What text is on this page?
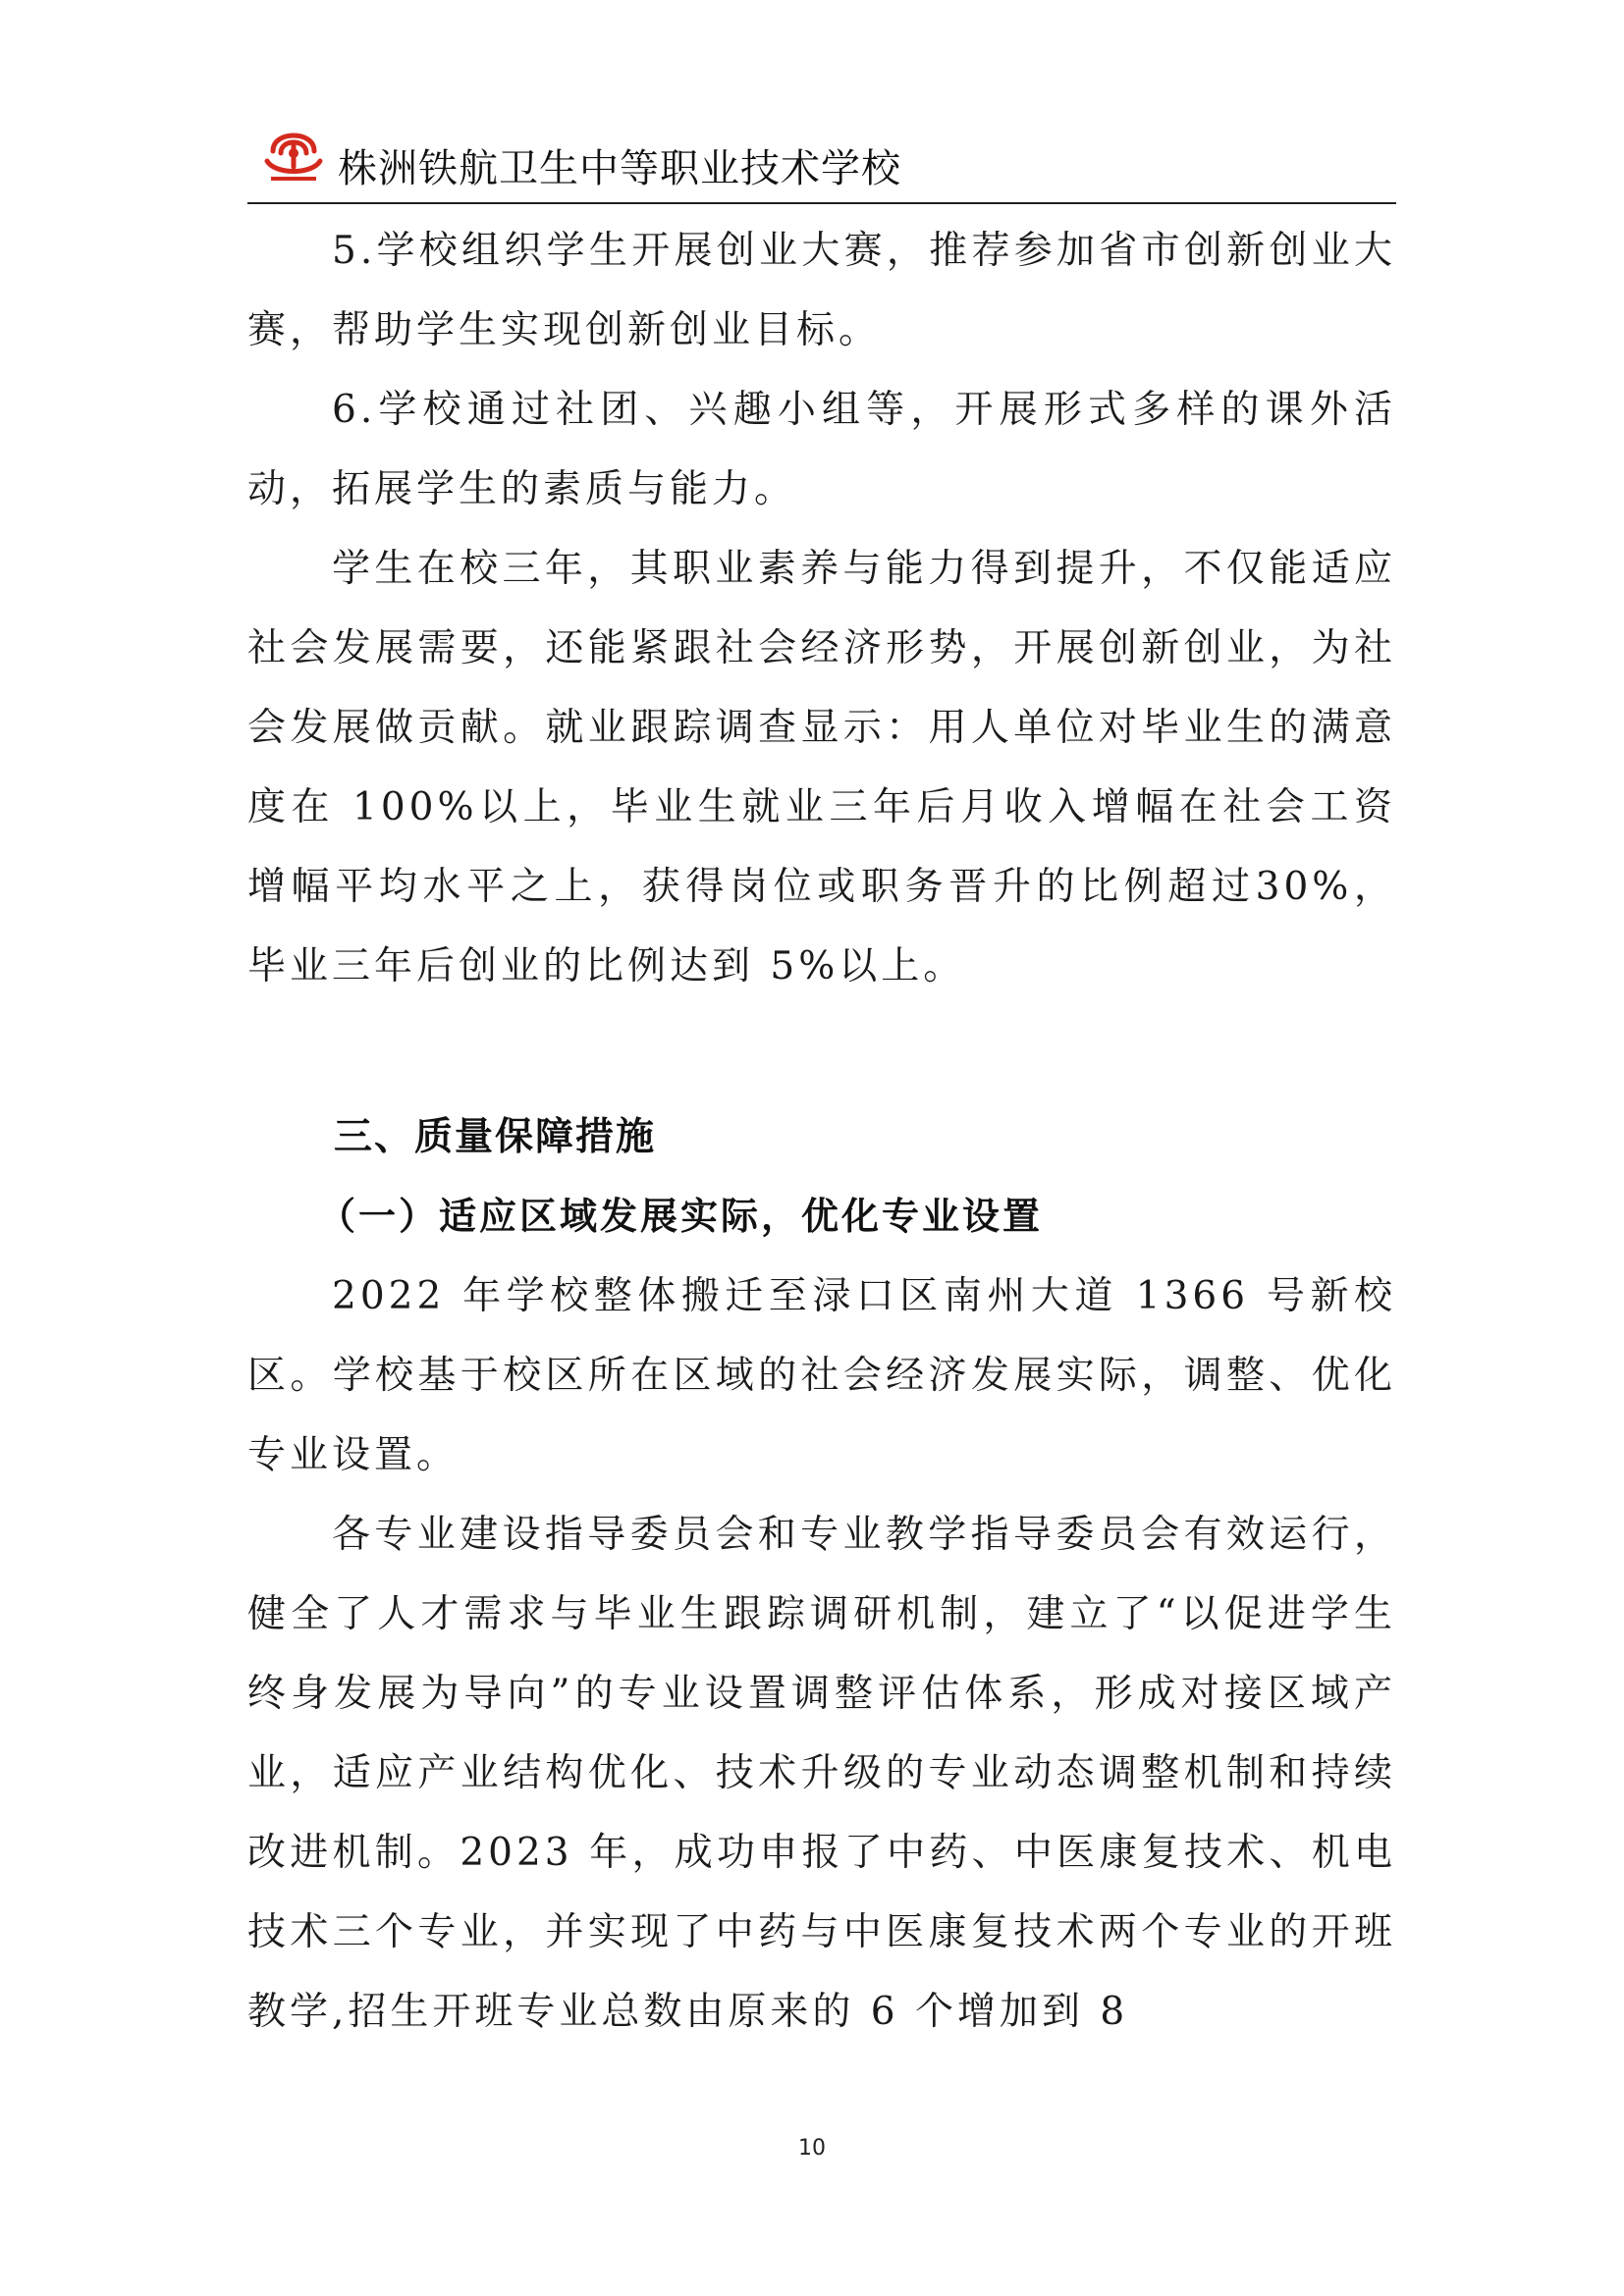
株洲铁航卫生中等职业技术学校

5.学校组织学生开展创业大赛，推荐参加省市创新创业大赛，帮助学生实现创新创业目标。

6.学校通过社团、兴趣小组等，开展形式多样的课外活动，拓展学生的素质与能力。

学生在校三年，其职业素养与能力得到提升，不仅能适应社会发展需要，还能紧跟社会经济形势，开展创新创业，为社会发展做贡献。就业跟踪调查显示：用人单位对毕业生的满意度在 100%以上，毕业生就业三年后月收入增幅在社会工资增幅平均水平之上，获得岗位或职务晋升的比例超过30%，毕业三年后创业的比例达到 5%以上。

三、质量保障措施
（一）适应区域发展实际，优化专业设置

2022 年学校整体搬迁至渌口区南州大道 1366 号新校区。学校基于校区所在区域的社会经济发展实际，调整、优化专业设置。

各专业建设指导委员会和专业教学指导委员会有效运行，健全了人才需求与毕业生跟踪调研机制，建立了“以促进学生终身发展为导向”的专业设置调整评估体系，形成对接区域产业，适应产业结构优化、技术升级的专业动态调整机制和持续改进机制。2023 年，成功申报了中药、中医康复技术、机电技术三个专业，并实现了中药与中医康复技术两个专业的开班教学,招生开班专业总数由原来的 6 个增加到 8

10
